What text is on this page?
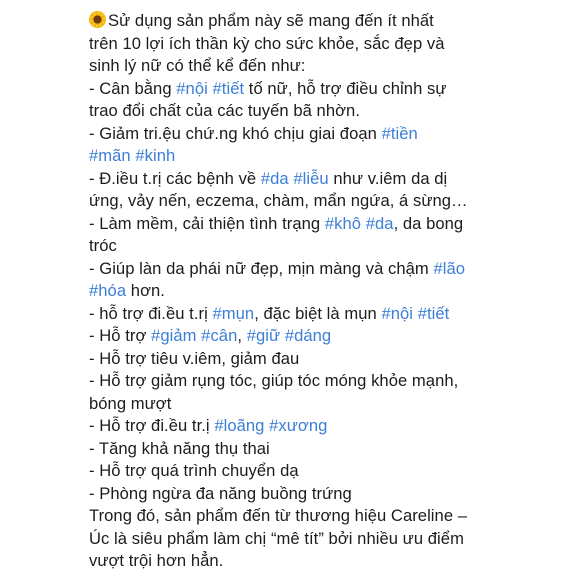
Sử dụng sản phẩm này sẽ mang đến ít nhất
trên 10 lợi ích thần kỳ cho sức khỏe, sắc đẹp và
sinh lý nữ có thể kể đến như:
- Cân bằng #nội #tiết tố nữ, hỗ trợ điều chỉnh sự
trao đổi chất của các tuyến bã nhờn.
- Giảm tri.ệu chứ.ng khó chịu giai đoạn #tiền
#mãn #kinh
- Đ.iều t.rị các bệnh về #da #liễu như v.iêm da dị
ứng, vảy nến, eczema, chàm, mẩn ngứa, á sừng…
- Làm mềm, cải thiện tình trạng #khô #da, da bong
tróc
- Giúp làn da phái nữ đẹp, mịn màng và chậm #lão
#hóa hơn.
- hỗ trợ đi.ều t.rị #mụn, đặc biệt là mụn #nội #tiết
- Hỗ trợ #giảm #cân, #giữ #dáng
- Hỗ trợ tiêu v.iêm, giảm đau
- Hỗ trợ giảm rụng tóc, giúp tóc móng khỏe mạnh,
bóng mượt
- Hỗ trợ đi.ều tr.ị #loãng #xương
- Tăng khả năng thụ thai
- Hỗ trợ quá trình chuyển dạ
- Phòng ngừa đa năng buồng trứng
Trong đó, sản phẩm đến từ thương hiệu Careline –
Úc là siêu phẩm làm chị “mê tít” bởi nhiều ưu điểm
vượt trội hơn hẳn.
